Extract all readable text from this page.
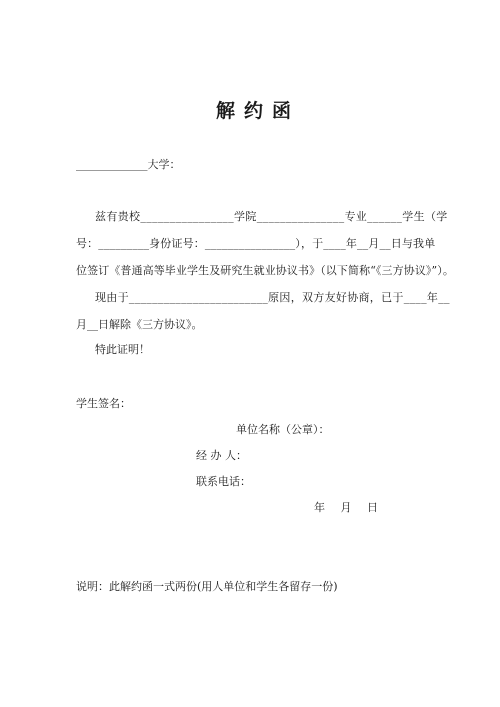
解约函
_____________大学：
兹有贵校________________学院_______________专业______学生（学
号：_________身份证号：________________），于____年__月__日与我单
位签订《普通高等毕业学生及研究生就业协议书》（以下简称“《三方协议》”）。
现由于________________________原因，双方友好协商，已于____年__
月__日解除《三方协议》。
特此证明！
学生签名：
单位名称（公章）：
经 办 人：
联系电话：
年 月 日
说明：此解约函一式两份(用人单位和学生各留存一份)
